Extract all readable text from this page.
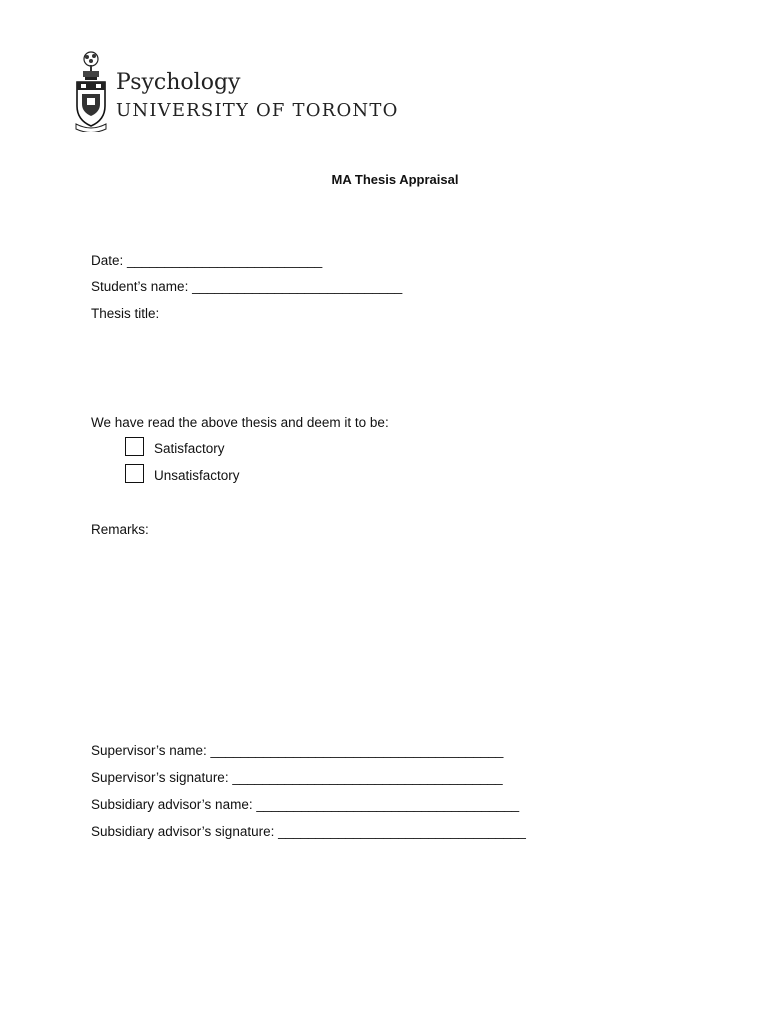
Psychology
UNIVERSITY OF TORONTO
MA Thesis Appraisal
Date: __________________________
Student’s name: ____________________________
Thesis title:
We have read the above thesis and deem it to be:
Satisfactory
Unsatisfactory
Remarks:
Supervisor’s name: _______________________________________
Supervisor’s signature: ____________________________________
Subsidiary advisor’s name: ___________________________________
Subsidiary advisor’s signature: _________________________________
